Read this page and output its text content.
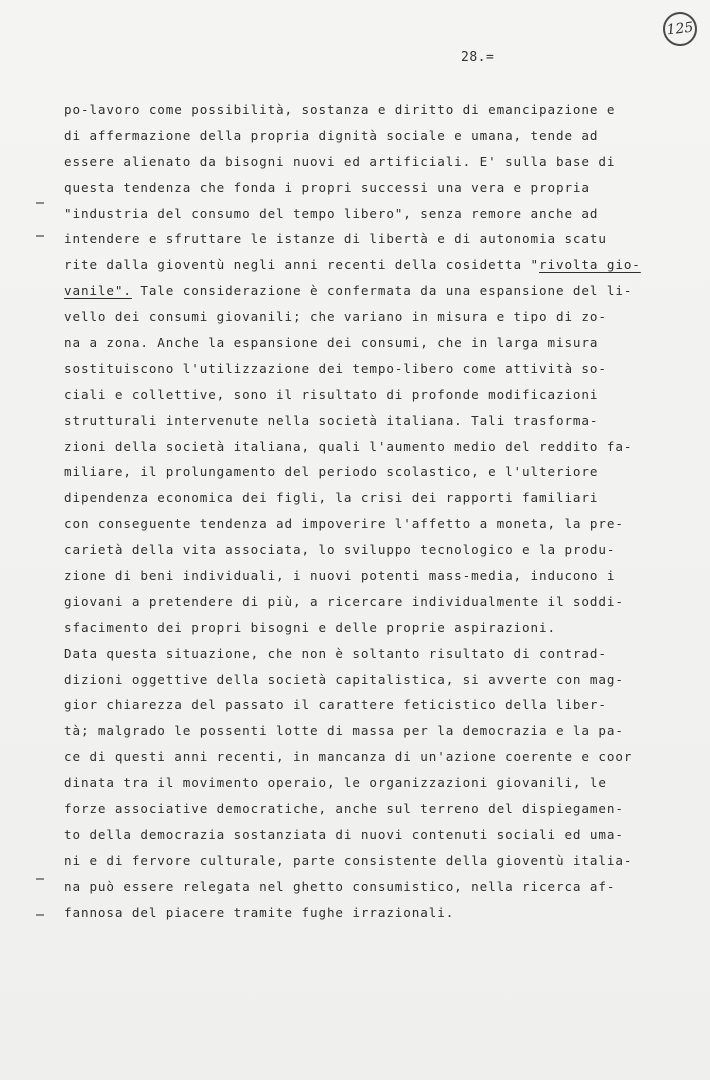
125
28.=
po-lavoro come possibilità, sostanza e diritto di emancipazione e
di affermazione della propria dignità sociale e umana, tende ad
essere alienato da bisogni nuovi ed artificiali. E' sulla base di
questa tendenza che fonda i propri successi una vera e propria
"industria del consumo del tempo libero", senza remore anche ad
intendere e sfruttare le istanze di libertà e di autonomia scatu
rite dalla gioventù negli anni recenti della cosidetta "rivolta gio-
vanile". Tale considerazione è confermata da una espansione del li-
vello dei consumi giovanili; che variano in misura e tipo di zo-
na a zona. Anche la espansione dei consumi, che in larga misura
sostituiscono l'utilizzazione dei tempo-libero come attività so-
ciali e collettive, sono il risultato di profonde modificazioni
strutturali intervenute nella società italiana. Tali trasforma-
zioni della società italiana, quali l'aumento medio del reddito fa-
miliare, il prolungamento del periodo scolastico, e l'ulteriore
dipendenza economica dei figli, la crisi dei rapporti familiari
con conseguente tendenza ad impoverire l'affetto a moneta, la pre-
carietà della vita associata, lo sviluppo tecnologico e la produ-
zione di beni individuali, i nuovi potenti mass-media, inducono i
giovani a pretendere di più, a ricercare individualmente il soddi-
sfacimento dei propri bisogni e delle proprie aspirazioni.
Data questa situazione, che non è soltanto risultato di contrad-
dizioni oggettive della società capitalistica, si avverte con mag-
gior chiarezza del passato il carattere feticistico della liber-
tà; malgrado le possenti lotte di massa per la democrazia e la pa-
ce di questi anni recenti, in mancanza di un'azione coerente e coor
dinata tra il movimento operaio, le organizzazioni giovanili, le
forze associative democratiche, anche sul terreno del dispiegamen-
to della democrazia sostanziata di nuovi contenuti sociali ed uma-
ni e di fervore culturale, parte consistente della gioventù italia-
na può essere relegata nel ghetto consumistico, nella ricerca af-
fannosa del piacere tramite fughe irrazionali.
